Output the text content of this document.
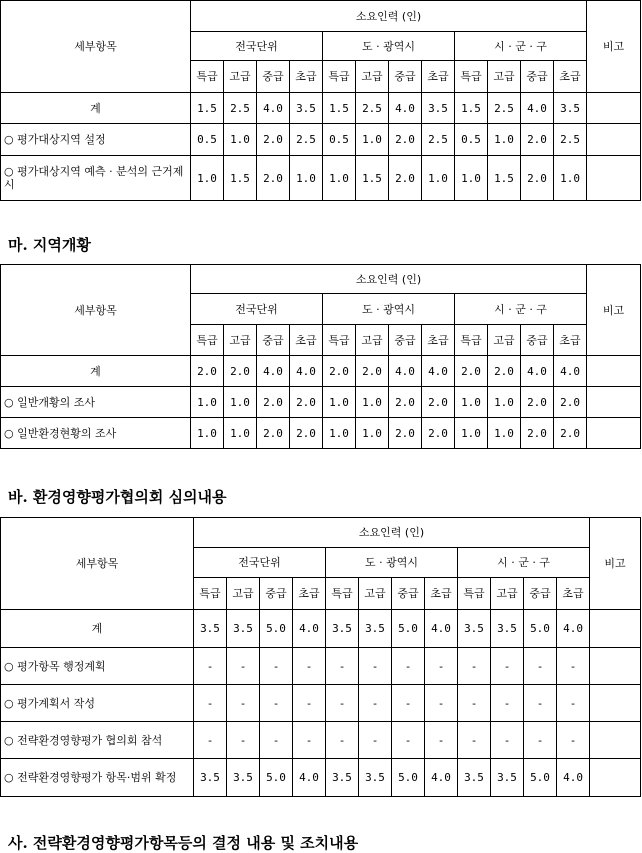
세부항목	소요인력 (인)												비고
	전국단위				도 · 광역시				시 · 군 · 구				
	특급	고급	중급	초급	특급	고급	중급	초급	특급	고급	중급	초급	
계	1.5	2.5	4.0	3.5	1.5	2.5	4.0	3.5	1.5	2.5	4.0	3.5	
○ 평가대상지역 설정	0.5	1.0	2.0	2.5	0.5	1.0	2.0	2.5	0.5	1.0	2.0	2.5	
○ 평가대상지역 예측 · 분석의 근거제시	1.0	1.5	2.0	1.0	1.0	1.5	2.0	1.0	1.0	1.5	2.0	1.0	
마. 지역개황
세부항목	소요인력 (인)												비고
	전국단위				도 · 광역시				시 · 군 · 구				
	특급	고급	중급	초급	특급	고급	중급	초급	특급	고급	중급	초급	
계	2.0	2.0	4.0	4.0	2.0	2.0	4.0	4.0	2.0	2.0	4.0	4.0	
○ 일반개황의 조사	1.0	1.0	2.0	2.0	1.0	1.0	2.0	2.0	1.0	1.0	2.0	2.0	
○ 일반환경현황의 조사	1.0	1.0	2.0	2.0	1.0	1.0	2.0	2.0	1.0	1.0	2.0	2.0	
바. 환경영향평가협의회 심의내용
세부항목	소요인력 (인)												비고
	전국단위				도 · 광역시				시 · 군 · 구				
	특급	고급	중급	초급	특급	고급	중급	초급	특급	고급	중급	초급	
계	3.5	3.5	5.0	4.0	3.5	3.5	5.0	4.0	3.5	3.5	5.0	4.0	
○ 평가항목 행정계획	-	-	-	-	-	-	-	-	-	-	-	-	
○ 평가계획서 작성	-	-	-	-	-	-	-	-	-	-	-	-	
○ 전략환경영향평가 협의회 참석	-	-	-	-	-	-	-	-	-	-	-	-	
○ 전략환경영향평가 항목·범위 확정	3.5	3.5	5.0	4.0	3.5	3.5	5.0	4.0	3.5	3.5	5.0	4.0	
사. 전략환경영향평가항목등의 결정 내용 및 조치내용
